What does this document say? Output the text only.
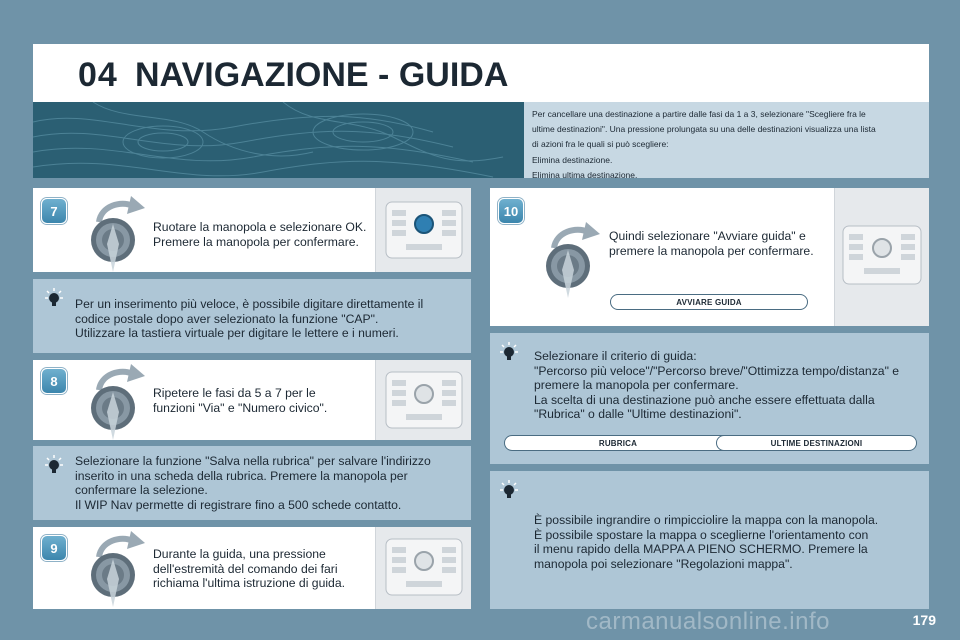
04 NAVIGAZIONE - GUIDA

Per cancellare una destinazione a partire dalle fasi da 1 a 3, selezionare "Scegliere fra le

ultime destinazioni". Una pressione prolungata su una delle destinazioni visualizza una lista

di azioni fra le quali si può scegliere:

Elimina destinazione.

Elimina ultima destinazione.

7

Ruotare la manopola e selezionare OK.

Premere la manopola per confermare.

Per un inserimento più veloce, è possibile digitare direttamente il

codice postale dopo aver selezionato la funzione "CAP".

Utilizzare la tastiera virtuale per digitare le lettere e i numeri.

8

Ripetere le fasi da 5 a 7 per le

funzioni "Via" e "Numero civico".

Selezionare la funzione "Salva nella rubrica" per salvare l'indirizzo

inserito in una scheda della rubrica. Premere la manopola per

confermare la selezione.

Il WIP Nav permette di registrare fino a 500 schede contatto.

9	Durante la guida, una pressione

dell'estremità del comando dei fari

richiama l'ultima istruzione di guida.

10

Quindi selezionare "Avviare guida" e

premere la manopola per confermare.

AVVIARE GUIDA

Selezionare il criterio di guida:

"Percorso più veloce"/"Percorso breve/"Ottimizza tempo/distanza" e

premere la manopola per confermare.

La scelta di una destinazione può anche essere effettuata dalla

"Rubrica" o dalle "Ultime destinazioni".

RUBRICA	ULTIME DESTINAZIONI

È possibile ingrandire o rimpicciolire la mappa con la manopola.

È possibile spostare la mappa o sceglierne l'orientamento con

il menu rapido della MAPPA A PIENO SCHERMO. Premere la

manopola poi selezionare "Regolazioni mappa".

carmanualsonline.info	179
